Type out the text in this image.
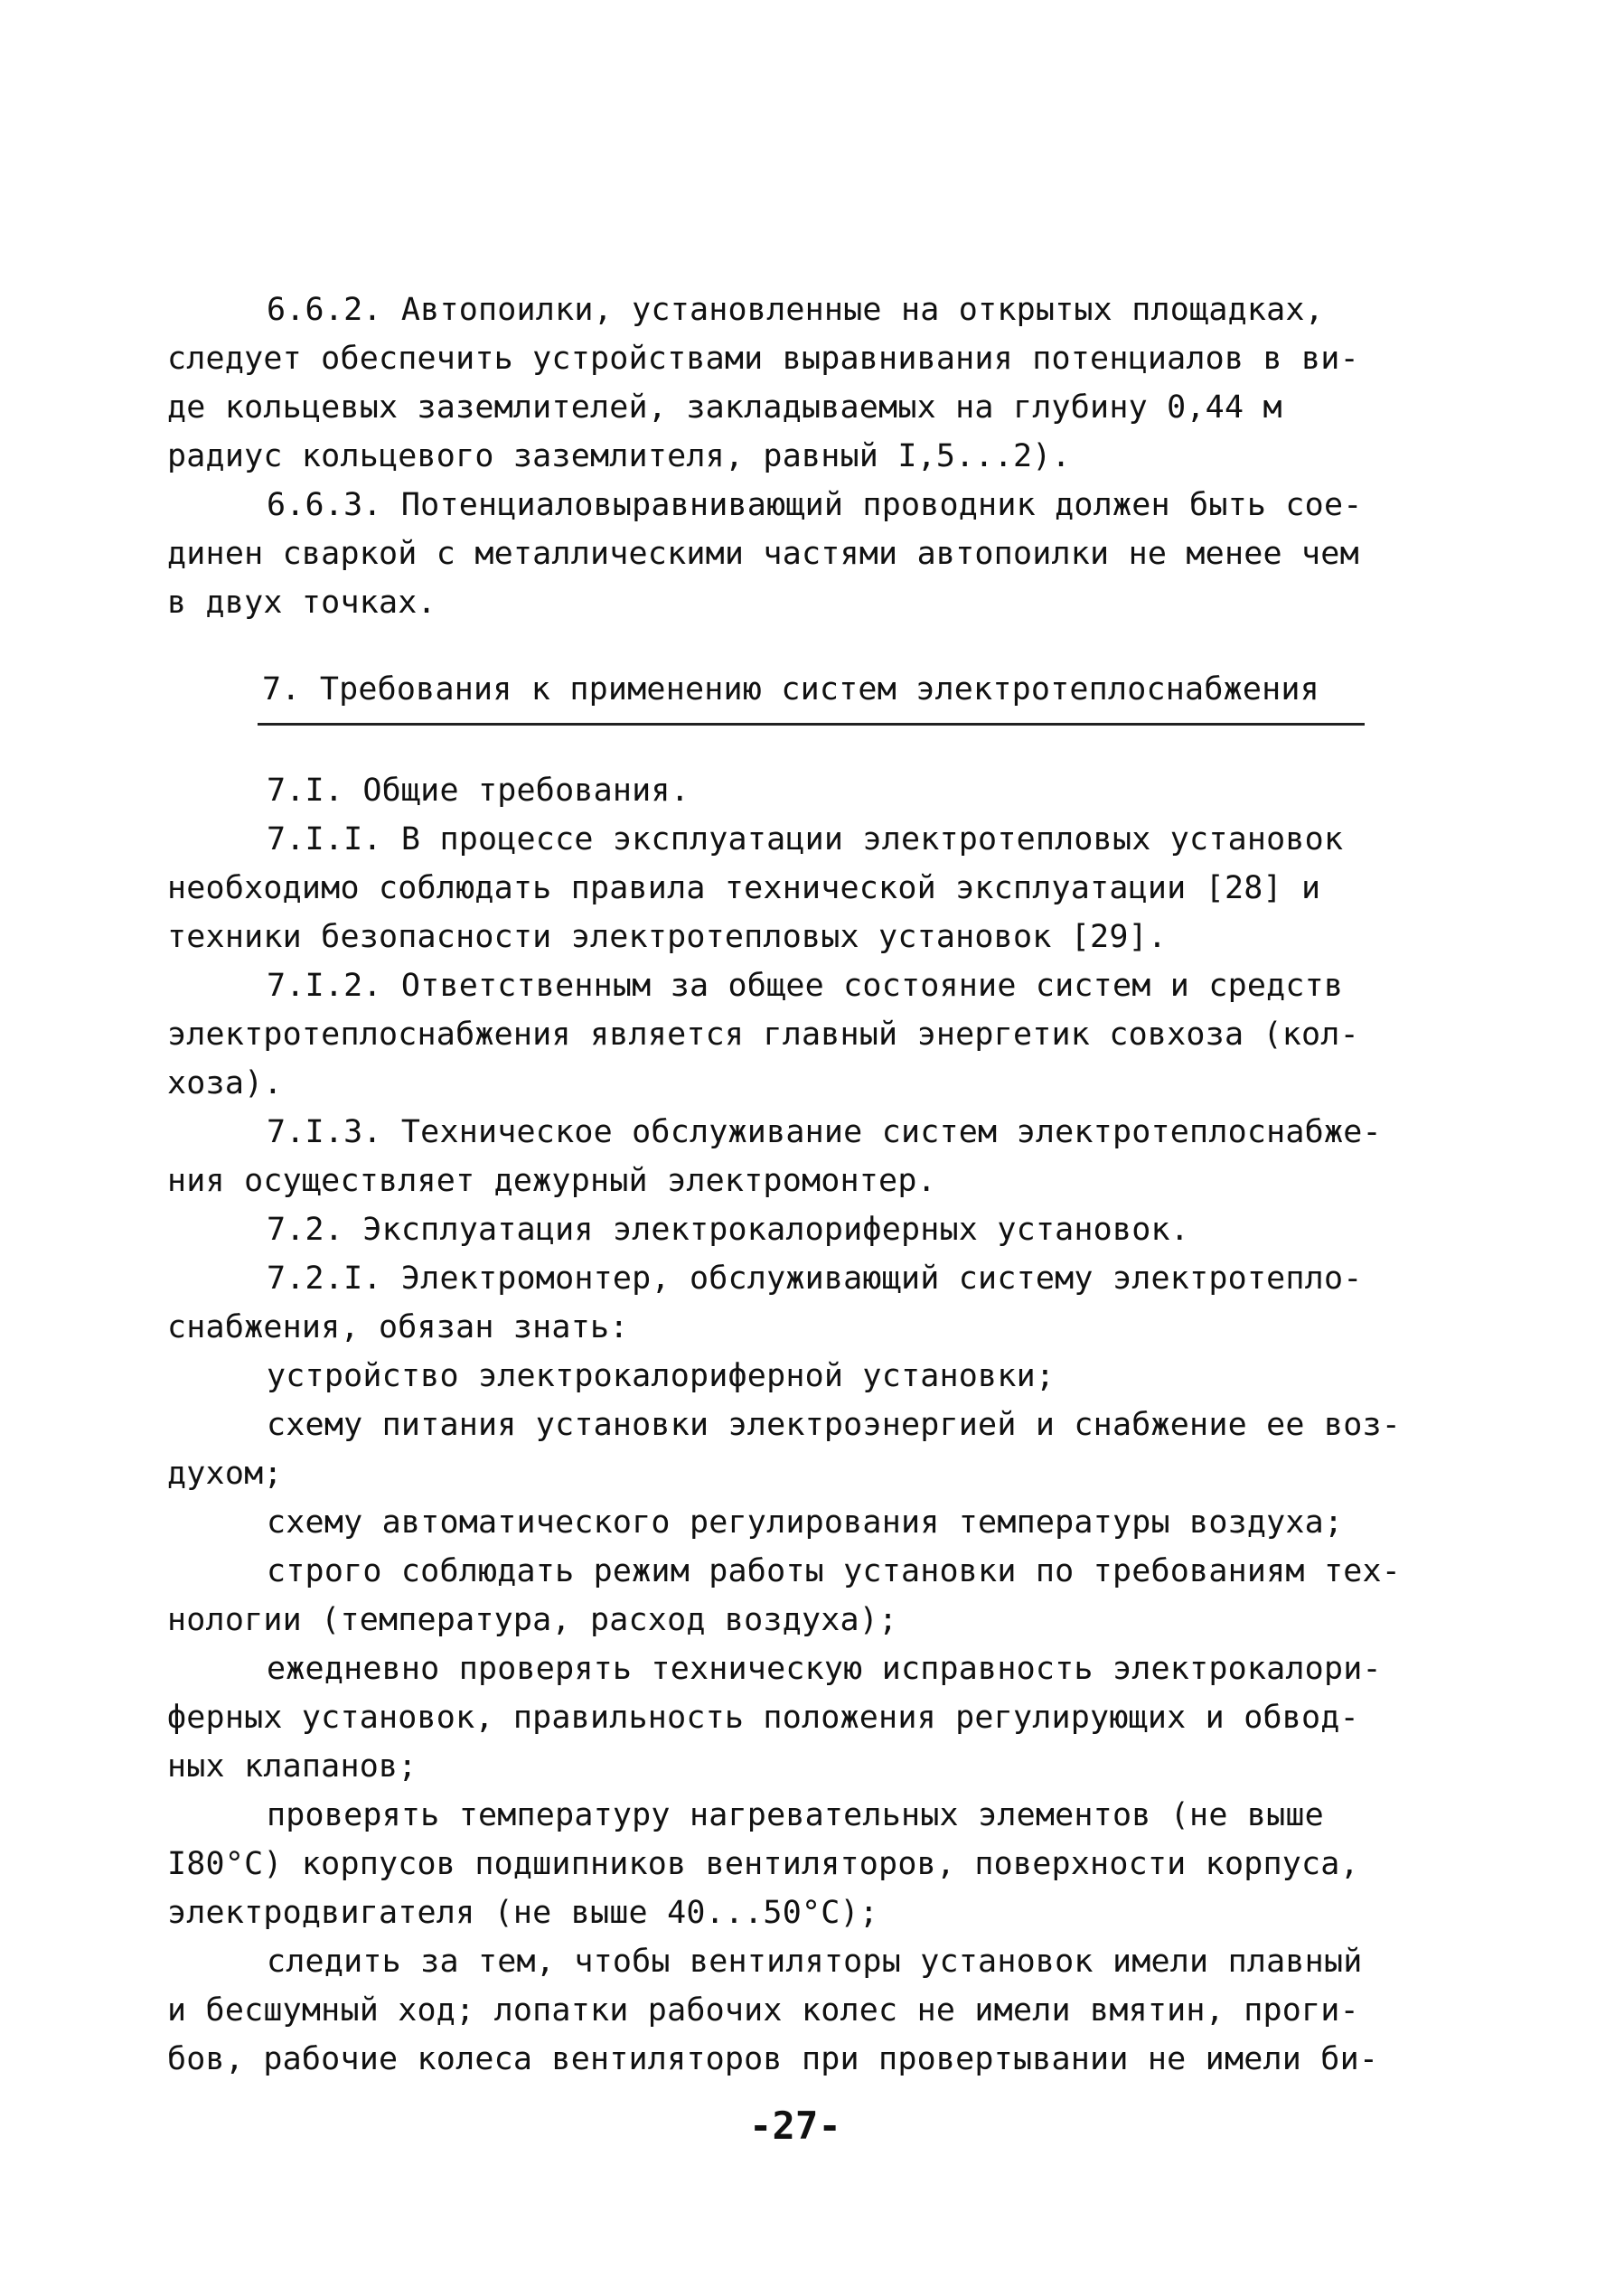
6.6.2. Автопоилки, установленные на открытых площадках,
следует обеспечить устройствами выравнивания потенциалов в ви-
де кольцевых заземлителей, закладываемых на глубину 0,44 м
радиус кольцевого заземлителя, равный I,5...2).
6.6.3. Потенциаловыравнивающий проводник должен быть сое-
динен сваркой с металлическими частями автопоилки не менее чем
в двух точках.
7. Требования к применению систем электротеплоснабжения
7.I. Общие требования.
7.I.I. В процессе эксплуатации электротепловых установок
необходимо соблюдать правила технической эксплуатации [28] и
техники безопасности электротепловых установок [29].
7.I.2. Ответственным за общее состояние систем и средств
электротеплоснабжения является главный энергетик совхоза (кол-
хоза).
7.I.3. Техническое обслуживание систем электротеплоснабже-
ния осуществляет дежурный электромонтер.
7.2. Эксплуатация электрокалориферных установок.
7.2.I. Электромонтер, обслуживающий систему электротепло-
снабжения, обязан знать:
устройство электрокалориферной установки;
схему питания установки электроэнергией и снабжение ее воз-
духом;
схему автоматического регулирования температуры воздуха;
строго соблюдать режим работы установки по требованиям тех-
нологии (температура, расход воздуха);
ежедневно проверять техническую исправность электрокалори-
ферных установок, правильность положения регулирующих и обвод-
ных клапанов;
проверять температуру нагревательных элементов (не выше
I80°С) корпусов подшипников вентиляторов, поверхности корпуса,
электродвигателя (не выше 40...50°С);
следить за тем, чтобы вентиляторы установок имели плавный
и бесшумный ход; лопатки рабочих колес не имели вмятин, проги-
бов, рабочие колеса вентиляторов при провертывании не имели би-
-27-
